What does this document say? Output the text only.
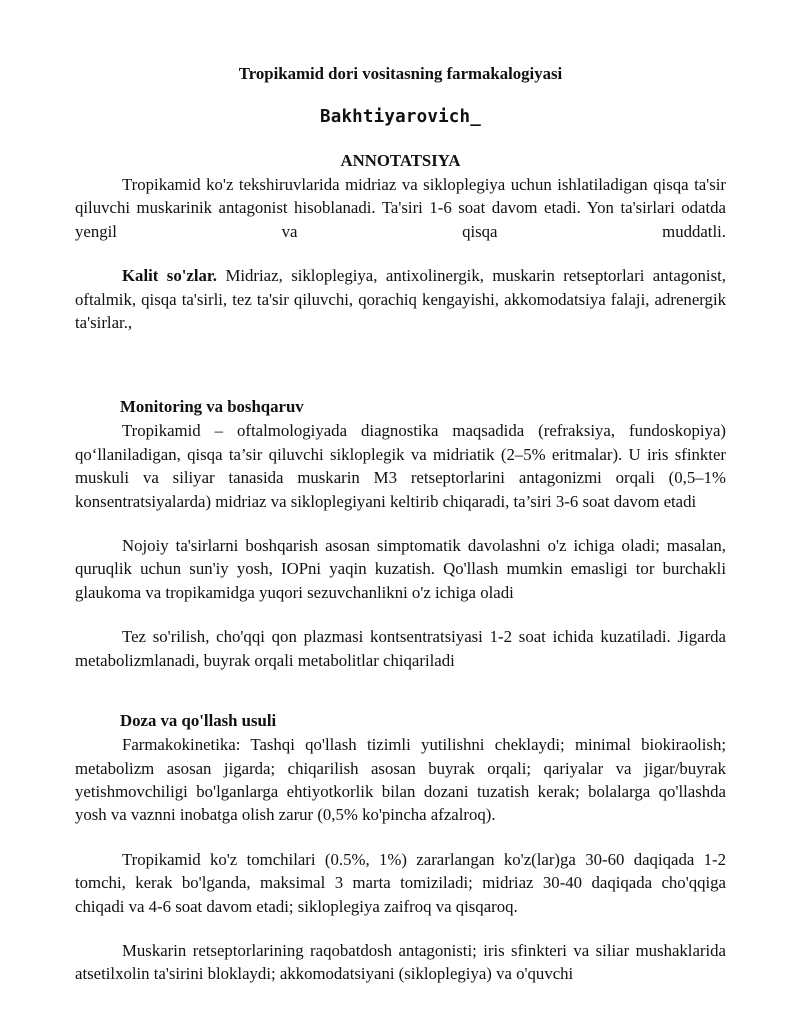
Tropikamid dori vositasning farmakalogiyasi
Bakhtiyarovich_
ANNOTATSIYA

Tropikamid ko'z tekshiruvlarida midriaz va sikloplegiya uchun ishlatiladigan qisqa ta'sir qiluvchi muskarinik antagonist hisoblanadi. Ta'siri 1-6 soat davom etadi. Yon ta'sirlari odatda yengil va qisqa muddatli.

Kalit so'zlar. Midriaz, sikloplegiya, antixolinergik, muskarin retseptorlari antagonist, oftalmik, qisqa ta'sirli, tez ta'sir qiluvchi, qorachiq kengayishi, akkomodatsiya falaji, adrenergik ta'sirlar.,

Monitoring va boshqaruv

Tropikamid – oftalmologiyada diagnostika maqsadida (refraksiya, fundoskopiya) qo‘llaniladigan, qisqa ta’sir qiluvchi sikloplegik va midriatik (2–5% eritmalar). U iris sfinkter muskuli va siliyar tanasida muskarin M3 retseptorlarini antagonizmi orqali (0,5–1% konsentratsiyalarda) midriaz va sikloplegiyani keltirib chiqaradi, ta’siri 3-6 soat davom etadi

Nojoiy ta'sirlarni boshqarish asosan simptomatik davolashni o'z ichiga oladi; masalan, quruqlik uchun sun'iy yosh, IOPni yaqin kuzatish. Qo'llash mumkin emasligi tor burchakli glaukoma va tropikamidga yuqori sezuvchanlikni o'z ichiga oladi

Tez so'rilish, cho'qqi qon plazmasi kontsentratsiyasi 1-2 soat ichida kuzatiladi. Jigarda metabolizmlanadi, buyrak orqali metabolitlar chiqariladi

Doza va qo'llash usuli

Farmakokinetika: Tashqi qo'llash tizimli yutilishni cheklaydi; minimal biokiraolish; metabolizm asosan jigarda; chiqarilish asosan buyrak orqali; qariyalar va jigar/buyrak yetishmovchiligi bo'lganlarga ehtiyotkorlik bilan dozani tuzatish kerak; bolalarga qo'llashda yosh va vaznni inobatga olish zarur (0,5% ko'pincha afzalroq).

Tropikamid ko'z tomchilari (0.5%, 1%) zararlangan ko'z(lar)ga 30-60 daqiqada 1-2 tomchi, kerak bo'lganda, maksimal 3 marta tomiziladi; midriaz 30-40 daqiqada cho'qqiga chiqadi va 4-6 soat davom etadi; sikloplegiya zaifroq va qisqaroq.

Muskarin retseptorlarining raqobatdosh antagonisti; iris sfinkteri va siliar mushaklarida atsetilxolin ta'sirini bloklaydi; akkomodatsiyani (sikloplegiya) va o'quvchi
